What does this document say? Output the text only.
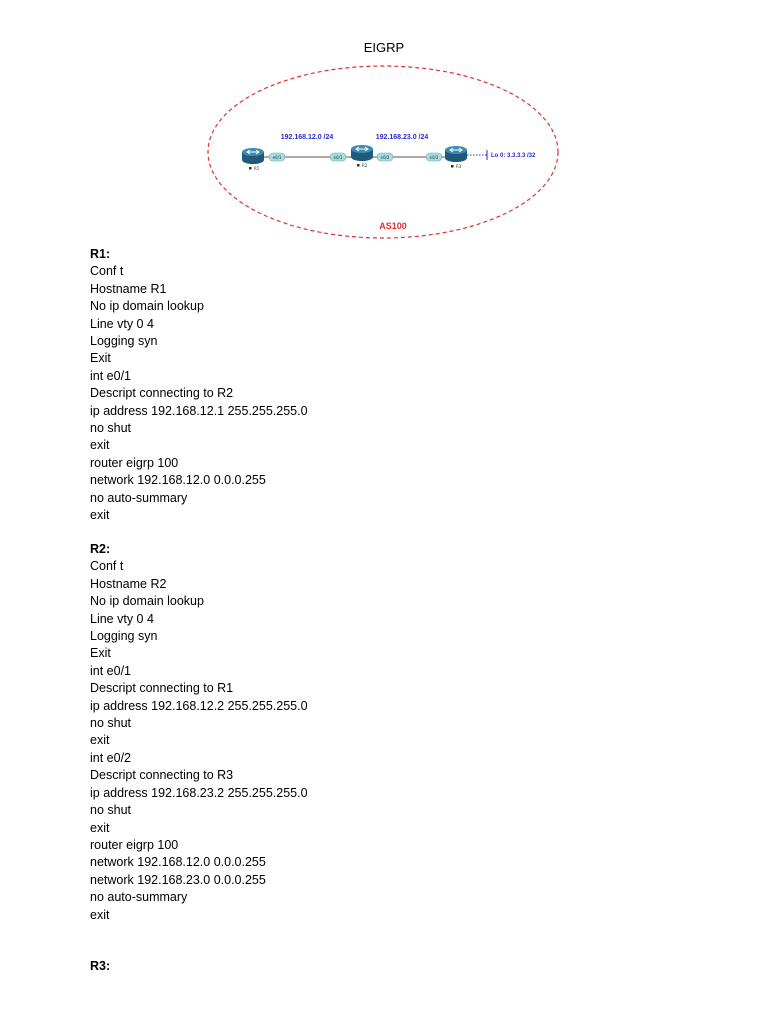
EIGRP
e0/1	e0/1	e0/2	e0/2
R1
R2	R3
192.168.12.0 /24	192.168.23.0 /24
Lo 0: 3.3.3.3 /32
AS100
R1:
Conf t
Hostname R1
No ip domain lookup
Line vty 0 4
Logging syn
Exit
int e0/1
Descript connecting to R2
ip address 192.168.12.1 255.255.255.0
no shut
exit
router eigrp 100
network 192.168.12.0 0.0.0.255
no auto-summary
exit
R2:
Conf t
Hostname R2
No ip domain lookup
Line vty 0 4
Logging syn
Exit
int e0/1
Descript connecting to R1
ip address 192.168.12.2 255.255.255.0
no shut
exit
int e0/2
Descript connecting to R3
ip address 192.168.23.2 255.255.255.0
no shut
exit
router eigrp 100
network 192.168.12.0 0.0.0.255
network 192.168.23.0 0.0.0.255
no auto-summary
exit
R3:
